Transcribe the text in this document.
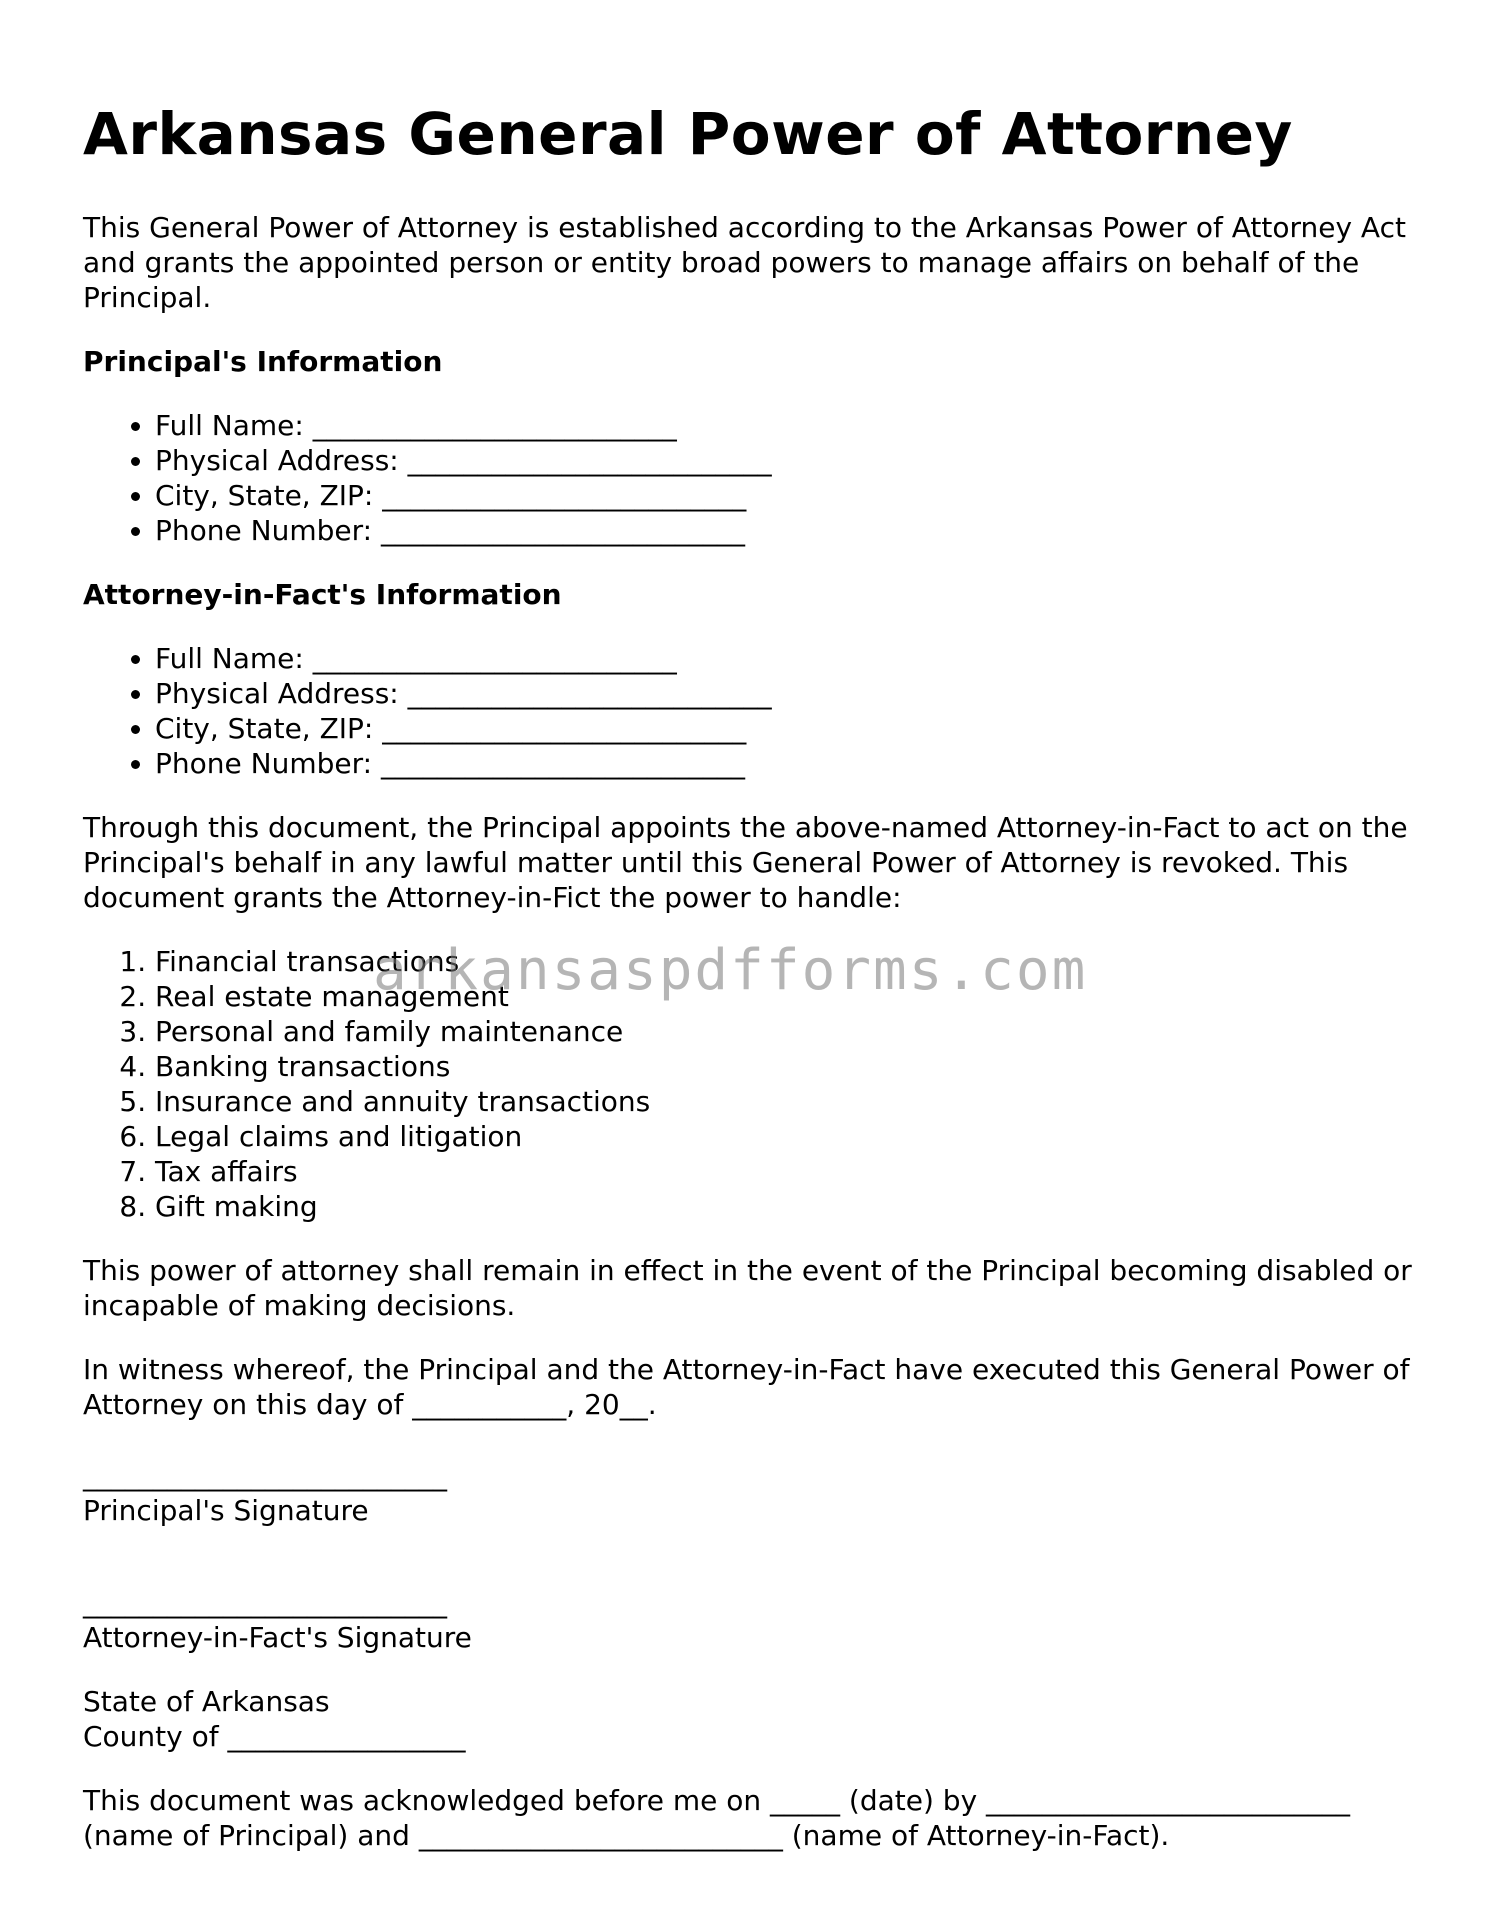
Arkansas General Power of Attorney

This General Power of Attorney is established according to the Arkansas Power of Attorney Act and grants the appointed person or entity broad powers to manage affairs on behalf of the Principal.

Principal's Information
• Full Name: __________________________
• Physical Address: __________________________
• City, State, ZIP: __________________________
• Phone Number: __________________________
Attorney-in-Fact's Information
• Full Name: __________________________
• Physical Address: __________________________
• City, State, ZIP: __________________________
• Phone Number: __________________________

Through this document, the Principal appoints the above-named Attorney-in-Fact to act on the Principal's behalf in any lawful matter until this General Power of Attorney is revoked. This document grants the Attorney-in-Fict the power to handle:

1. Financial transactions
2. Real estate management
3. Personal and family maintenance
4. Banking transactions
5. Insurance and annuity transactions
6. Legal claims and litigation
7. Tax affairs
8. Gift making

This power of attorney shall remain in effect in the event of the Principal becoming disabled or incapable of making decisions.

In witness whereof, the Principal and the Attorney-in-Fact have executed this General Power of Attorney on this day of ___________, 20__.

__________________________
Principal's Signature

__________________________
Attorney-in-Fact's Signature

State of Arkansas
County of _________________

This document was acknowledged before me on _____ (date) by __________________________ (name of Principal) and __________________________ (name of Attorney-in-Fact).

arkansaspdfforms.com
